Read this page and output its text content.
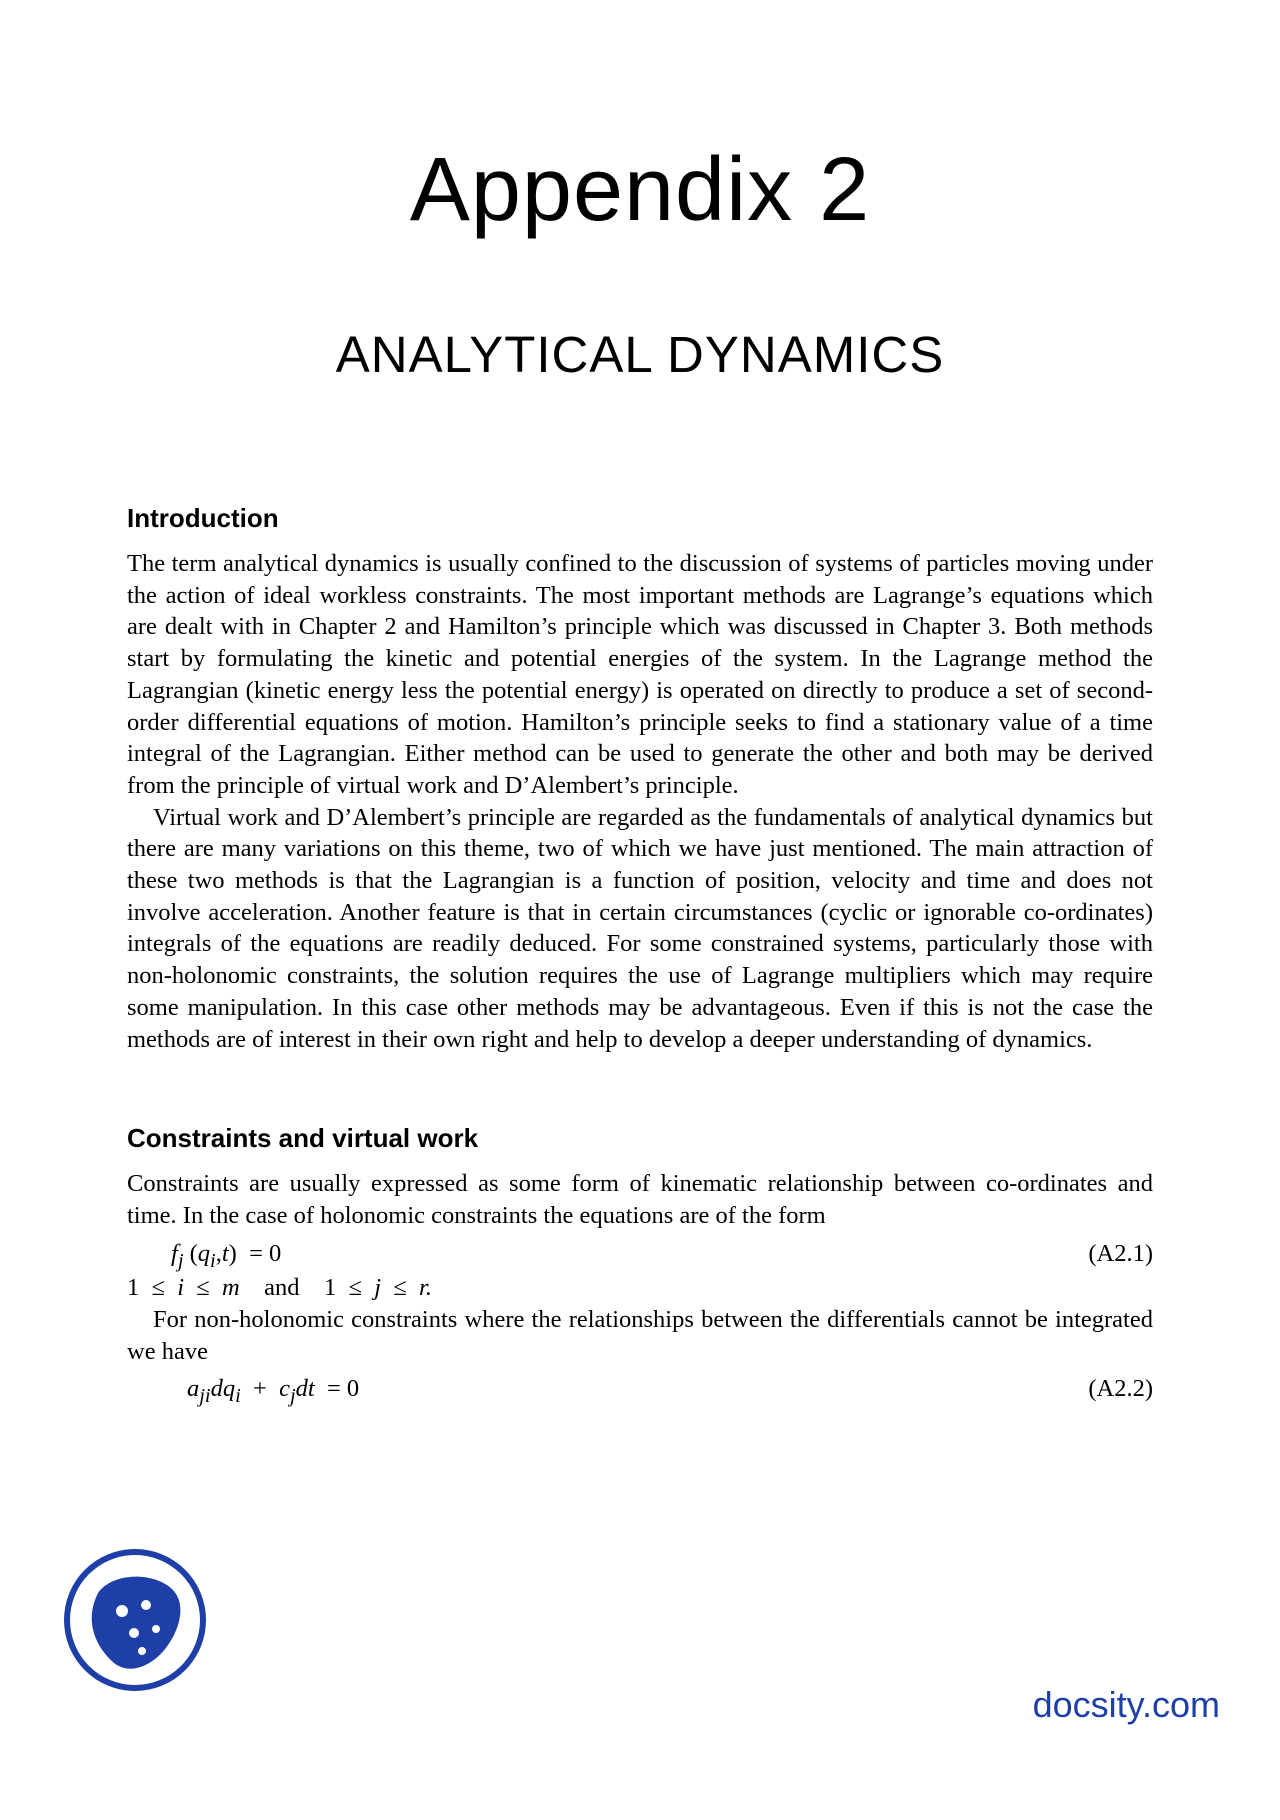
Appendix 2
ANALYTICAL DYNAMICS
Introduction

The term analytical dynamics is usually confined to the discussion of systems of particles moving under the action of ideal workless constraints. The most important methods are Lagrange’s equations which are dealt with in Chapter 2 and Hamilton’s principle which was discussed in Chapter 3. Both methods start by formulating the kinetic and potential energies of the system. In the Lagrange method the Lagrangian (kinetic energy less the potential energy) is operated on directly to produce a set of second-order differential equations of motion. Hamilton’s principle seeks to find a stationary value of a time integral of the Lagrangian. Either method can be used to generate the other and both may be derived from the principle of virtual work and D’Alembert’s principle.

Virtual work and D’Alembert’s principle are regarded as the fundamentals of analytical dynamics but there are many variations on this theme, two of which we have just mentioned. The main attraction of these two methods is that the Lagrangian is a function of position, velocity and time and does not involve acceleration. Another feature is that in certain circumstances (cyclic or ignorable co-ordinates) integrals of the equations are readily deduced. For some constrained systems, particularly those with non-holonomic constraints, the solution requires the use of Lagrange multipliers which may require some manipulation. In this case other methods may be advantageous. Even if this is not the case the methods are of interest in their own right and help to develop a deeper understanding of dynamics.

Constraints and virtual work
Constraints are usually expressed as some form of kinematic relationship between co-ordinates and time. In the case of holonomic constraints the equations are of the form
$f_j$ $(q_i,t) = 0$	(A2.1)
1 ≤ i ≤ m and 1 ≤ j ≤ r.

For non-holonomic constraints where the relationships between the differentials cannot be integrated we have

$a_{ji}dq_i + c_jdt = 0$	(A2.2)
docsity.com
